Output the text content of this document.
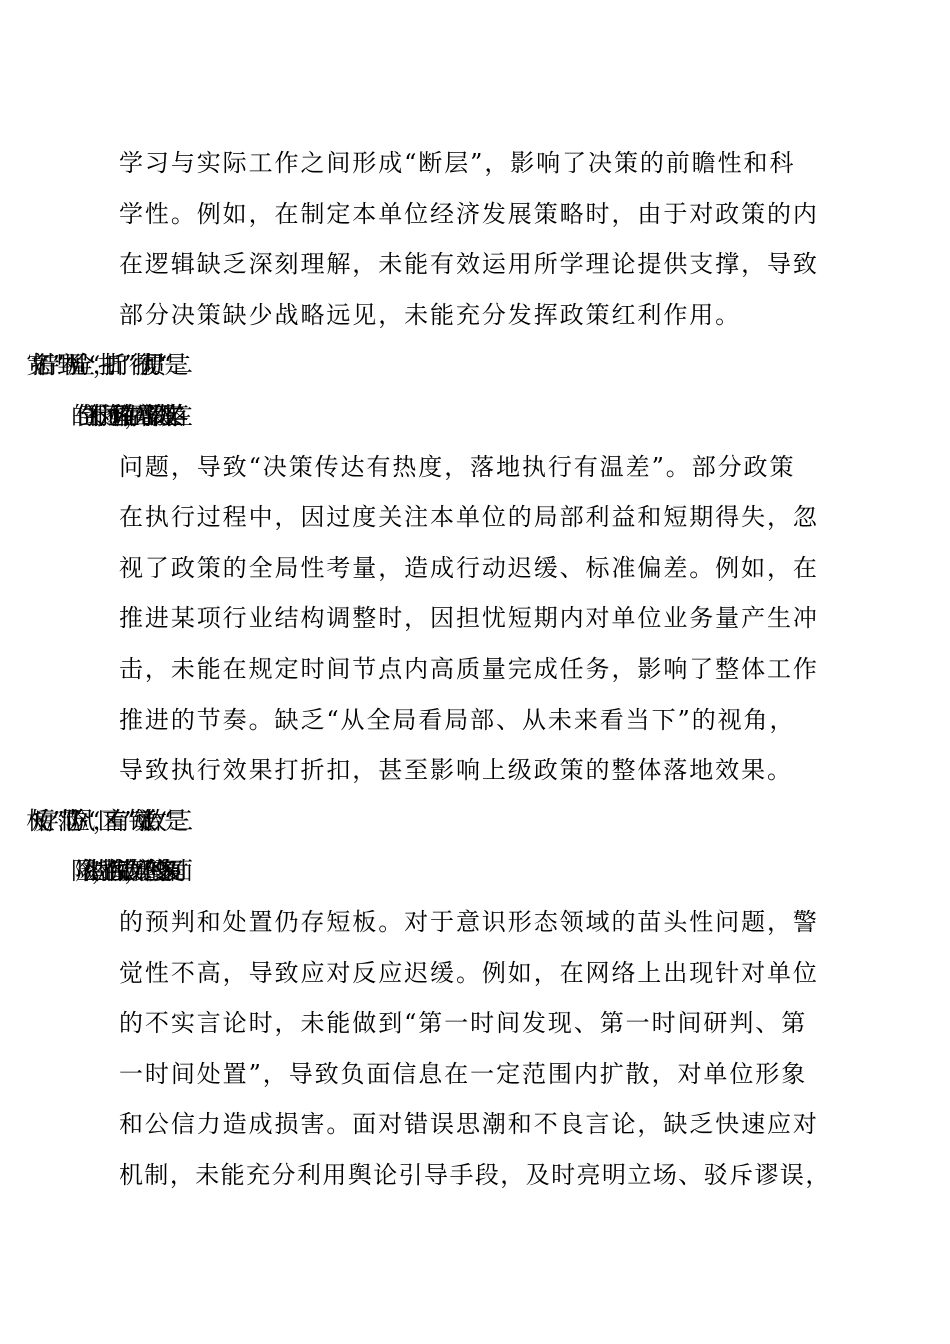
学习与实际工作之间形成“断层”，影响了决策的前瞻性和科
学性。例如，在制定本单位经济发展策略时，由于对政策的内
在逻辑缺乏深刻理解，未能有效运用所学理论提供支撑，导致
部分决策缺少战略远见，未能充分发挥政策红利作用。
问题，导致“决策传达有热度，落地执行有温差”。部分政策
在执行过程中，因过度关注本单位的局部利益和短期得失，忽
视了政策的全局性考量，造成行动迟缓、标准偏差。例如，在
推进某项行业结构调整时，因担忧短期内对单位业务量产生冲
击，未能在规定时间节点内高质量完成任务，影响了整体工作
推进的节奏。缺乏“从全局看局部、从未来看当下”的视角，
导致执行效果打折扣，甚至影响上级政策的整体落地效果。
的预判和处置仍存短板。对于意识形态领域的苗头性问题，警
觉性不高，导致应对反应迟缓。例如，在网络上出现针对单位
的不实言论时，未能做到“第一时间发现、第一时间研判、第
一时间处置”，导致负面信息在一定范围内扩散，对单位形象
和公信力造成损害。面对错误思潮和不良言论，缺乏快速应对
机制，未能充分利用舆论引导手段，及时亮明立场、驳斥谬误，
